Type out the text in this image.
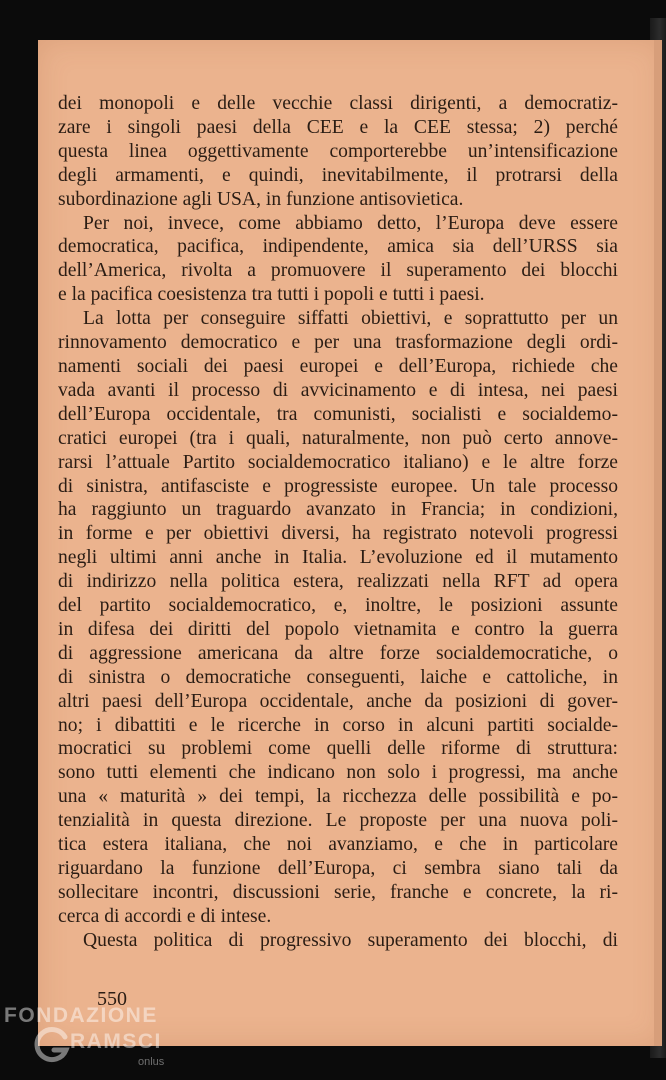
dei monopoli e delle vecchie classi dirigenti, a democratiz-
zare i singoli paesi della CEE e la CEE stessa; 2) perché
questa linea oggettivamente comporterebbe un’intensificazione
degli armamenti, e quindi, inevitabilmente, il protrarsi della
subordinazione agli USA, in funzione antisovietica.
Per noi, invece, come abbiamo detto, l’Europa deve essere
democratica, pacifica, indipendente, amica sia dell’URSS sia
dell’America, rivolta a promuovere il superamento dei blocchi
e la pacifica coesistenza tra tutti i popoli e tutti i paesi.
La lotta per conseguire siffatti obiettivi, e soprattutto per un
rinnovamento democratico e per una trasformazione degli ordi-
namenti sociali dei paesi europei e dell’Europa, richiede che
vada avanti il processo di avvicinamento e di intesa, nei paesi
dell’Europa occidentale, tra comunisti, socialisti e socialdemo-
cratici europei (tra i quali, naturalmente, non può certo annove-
rarsi l’attuale Partito socialdemocratico italiano) e le altre forze
di sinistra, antifasciste e progressiste europee. Un tale processo
ha raggiunto un traguardo avanzato in Francia; in condizioni,
in forme e per obiettivi diversi, ha registrato notevoli progressi
negli ultimi anni anche in Italia. L’evoluzione ed il mutamento
di indirizzo nella politica estera, realizzati nella RFT ad opera
del partito socialdemocratico, e, inoltre, le posizioni assunte
in difesa dei diritti del popolo vietnamita e contro la guerra
di aggressione americana da altre forze socialdemocratiche, o
di sinistra o democratiche conseguenti, laiche e cattoliche, in
altri paesi dell’Europa occidentale, anche da posizioni di gover-
no; i dibattiti e le ricerche in corso in alcuni partiti socialde-
mocratici su problemi come quelli delle riforme di struttura:
sono tutti elementi che indicano non solo i progressi, ma anche
una « maturità » dei tempi, la ricchezza delle possibilità e po-
tenzialità in questa direzione. Le proposte per una nuova poli-
tica estera italiana, che noi avanziamo, e che in particolare
riguardano la funzione dell’Europa, ci sembra siano tali da
sollecitare incontri, discussioni serie, franche e concrete, la ri-
cerca di accordi e di intese.
Questa politica di progressivo superamento dei blocchi, di
550
FONDAZIONE
RAMSCI
onlus
